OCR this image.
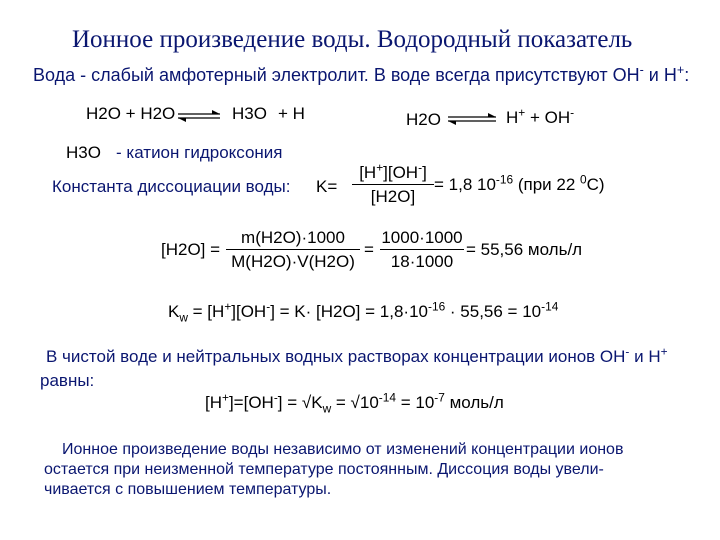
Ионное произведение воды. Водородный показатель
Вода - слабый амфотерный электролит. В воде всегда присутствуют OH- и H+:
H2O + H2O ⇌ H3O + H	H2O ⇌ H+ + OH-
H3O - катион гидроксония
Константа диссоциации воды: K=
[H+][OH-]
[H2O]
= 1,8 $10^{-16}$ (при 22 $^0$C)
[H2O] =
m(H2O)·1000
M(H2O)·V(H2O)
=
1000·1000
18·1000
= 55,56 моль/л
$K_w = [H^+][OH^-] = K\cdot [H2O] = 1,8\cdot 10^{-16} \cdot 55,56 = 10^{-14}$
В чистой воде и нейтральных водных растворах концентрации ионов OH- и H+
равны:
$[H^+]=[OH^-] = √K_w = √10^{-14} = 10^{-7}$ моль/л
Ионное произведение воды независимо от изменений концентрации ионов
остается при неизменной температуре постоянным. Диссоция воды увели-
чивается с повышением температуры.
